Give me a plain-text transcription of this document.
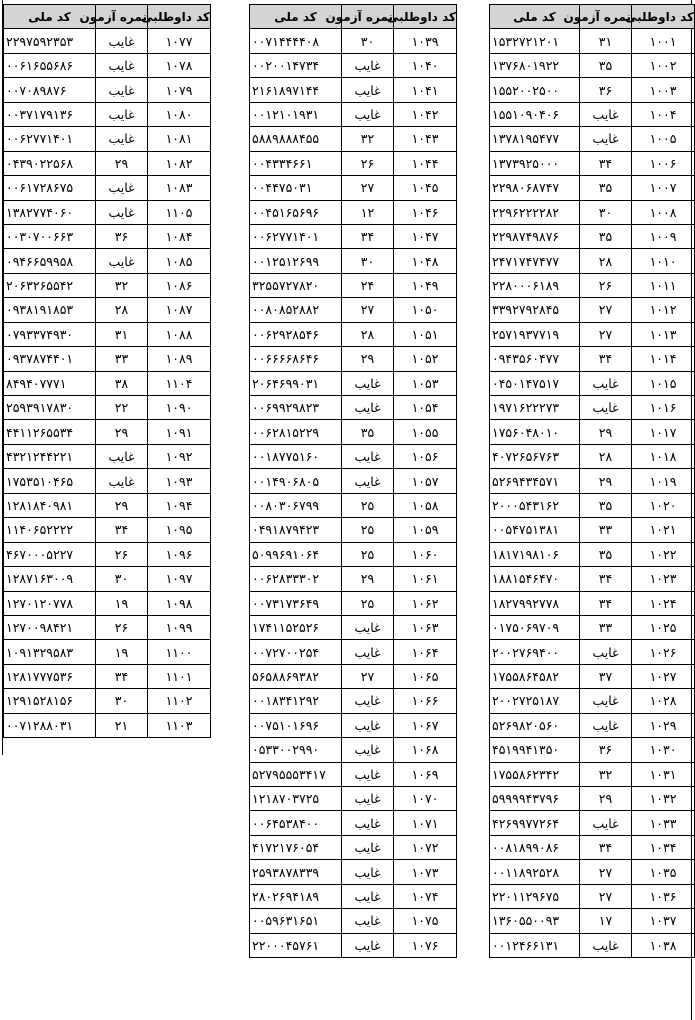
کد داوطلبی	نمره آزمون	کد ملی
۱۰۰۱	۳۱	۱۵۳۲۷۲۱۲۰۱
۱۰۰۲	۳۵	۱۳۷۶۸۰۱۹۲۲
۱۰۰۳	۳۶	۱۵۵۲۰۰۲۵۰۰
۱۰۰۴	غایب	۱۵۵۱۰۹۰۴۰۶
۱۰۰۵	غایب	۱۳۷۸۱۹۵۴۷۷
۱۰۰۶	۳۴	۱۳۷۳۹۲۵۰۰۰
۱۰۰۷	۳۵	۲۲۹۸۰۶۸۷۴۷
۱۰۰۸	۳۰	۲۲۹۶۲۲۲۲۸۲
۱۰۰۹	۳۵	۲۲۹۸۷۴۹۸۷۶
۱۰۱۰	۲۸	۲۴۷۱۷۴۷۴۷۷
۱۰۱۱	۲۶	۲۲۸۰۰۰۶۱۸۹
۱۰۱۲	۲۷	۳۳۹۲۷۹۲۸۴۵
۱۰۱۳	۲۷	۲۵۷۱۹۳۷۷۱۹
۱۰۱۴	۳۴	۰۹۴۳۵۶۰۴۷۷
۱۰۱۵	غایب	۰۴۵۰۱۴۷۵۱۷
۱۰۱۶	غایب	۱۹۷۱۶۲۲۲۷۳
۱۰۱۷	۲۹	۱۷۵۶۰۴۸۰۱۰
۱۰۱۸	۲۸	۴۰۷۲۶۵۶۷۶۳
۱۰۱۹	۲۹	۵۲۶۹۴۳۴۵۷۱
۱۰۲۰	۳۵	۲۰۰۰۵۴۳۱۶۲
۱۰۲۱	۳۳	۰۰۵۴۷۵۱۳۸۱
۱۰۲۲	۳۵	۱۸۱۷۱۹۸۱۰۶
۱۰۲۳	۳۴	۱۸۸۱۵۴۶۴۷۰
۱۰۲۴	۳۴	۱۸۲۷۹۹۲۷۷۸
۱۰۲۵	۳۳	۰۱۷۵۰۶۹۷۰۹
۱۰۲۶	غایب	۲۰۰۲۷۶۹۴۰۰
۱۰۲۷	۳۷	۱۷۵۵۸۶۴۵۸۲
۱۰۲۸	غایب	۲۰۰۲۷۲۵۱۸۷
۱۰۲۹	غایب	۵۲۶۹۸۲۰۵۶۰
۱۰۳۰	۳۶	۴۵۱۹۹۴۱۳۵۰
۱۰۳۱	۳۲	۱۷۵۵۸۶۲۳۴۲
۱۰۳۲	۲۹	۵۹۹۹۹۴۳۷۹۶
۱۰۳۳	غایب	۴۲۶۹۹۷۷۲۶۴
۱۰۳۴	۳۴	۰۰۸۱۸۹۹۰۸۶
۱۰۳۵	۲۷	۰۰۱۱۸۹۲۵۲۸
۱۰۳۶	۲۷	۲۲۰۱۱۲۹۶۷۵
۱۰۳۷	۱۷	۱۳۶۰۵۵۰۰۹۳
۱۰۳۸	غایب	۰۰۱۲۴۶۶۱۳۱
کد داوطلبی	نمره آزمون	کد ملی
۱۰۳۹	۳۰	۰۰۷۱۴۴۴۴۰۸
۱۰۴۰	غایب	۰۰۲۰۰۱۴۷۳۴
۱۰۴۱	غایب	۲۱۶۱۸۹۷۱۴۴
۱۰۴۲	غایب	۰۰۱۲۱۰۱۹۳۱
۱۰۴۳	۳۲	۵۸۸۹۸۸۸۴۵۵
۱۰۴۴	۲۶	۰۰۴۳۳۴۶۶۱
۱۰۴۵	۲۷	۰۰۴۴۷۵۰۳۱
۱۰۴۶	۱۲	۰۰۴۵۱۶۵۶۹۶
۱۰۴۷	۳۴	۰۰۶۲۷۷۱۴۰۱
۱۰۴۸	۳۰	۰۰۱۲۵۱۲۶۹۹
۱۰۴۹	۲۴	۳۲۵۵۷۲۷۸۲۰
۱۰۵۰	۲۷	۰۰۸۰۸۵۲۸۸۲
۱۰۵۱	۲۸	۰۰۶۲۹۲۸۵۴۶
۱۰۵۲	۲۹	۰۰۶۶۶۶۸۶۴۶
۱۰۵۳	غایب	۲۰۶۴۶۹۹۰۳۱
۱۰۵۴	غایب	۰۰۶۹۹۲۹۸۲۳
۱۰۵۵	۳۵	۰۰۶۲۸۱۵۲۲۹
۱۰۵۶	غایب	۰۰۱۸۷۷۵۱۶۰
۱۰۵۷	غایب	۰۰۱۴۹۰۶۸۰۵
۱۰۵۸	۲۵	۰۰۸۰۳۰۶۷۹۹
۱۰۵۹	۲۵	۰۴۹۱۸۷۹۴۲۳
۱۰۶۰	۲۵	۵۰۹۹۶۹۱۰۶۴
۱۰۶۱	۲۹	۰۰۶۲۸۳۳۳۰۲
۱۰۶۲	۲۵	۰۰۷۳۱۷۳۶۴۹
۱۰۶۳	غایب	۱۷۴۱۱۵۲۵۲۶
۱۰۶۴	غایب	۰۰۷۲۷۰۰۲۵۴
۱۰۶۵	۲۷	۵۶۵۸۸۶۹۳۸۲
۱۰۶۶	غایب	۰۰۱۸۳۴۱۲۹۲
۱۰۶۷	غایب	۰۰۷۵۱۰۱۶۹۶
۱۰۶۸	غایب	۰۵۳۳۰۰۲۹۹۰
۱۰۶۹	غایب	۵۲۷۹۵۵۵۳۴۱۷
۱۰۷۰	غایب	۱۲۱۸۷۰۳۷۲۵
۱۰۷۱	غایب	۰۰۶۴۵۳۸۴۰۰
۱۰۷۲	غایب	۴۱۷۲۱۷۶۰۵۴
۱۰۷۳	غایب	۲۵۹۳۸۷۸۳۳۹
۱۰۷۴	غایب	۲۸۰۲۶۹۴۱۸۹
۱۰۷۵	غایب	۰۰۵۹۶۳۱۶۵۱
۱۰۷۶	غایب	۲۲۰۰۰۴۵۷۶۱
کد داوطلبی	نمره آزمون	کد ملی
۱۰۷۷	غایب	۲۲۹۷۵۹۲۳۵۳
۱۰۷۸	غایب	۰۰۶۱۶۵۵۶۸۶
۱۰۷۹	غایب	۰۰۷۰۸۹۸۷۶
۱۰۸۰	غایب	۰۰۳۷۱۷۹۱۳۶
۱۰۸۱	غایب	۰۰۶۲۷۷۱۴۰۱
۱۰۸۲	۲۹	۰۴۳۹۰۲۲۵۶۸
۱۰۸۳	غایب	۰۰۶۱۷۲۸۶۷۵
۱۱۰۵	غایب	۱۳۸۲۷۷۴۰۶۰
۱۰۸۴	۳۶	۰۰۳۰۷۰۰۶۶۳
۱۰۸۵	غایب	۰۹۴۶۶۵۹۹۵۸
۱۰۸۶	۳۲	۲۰۶۳۲۶۵۵۴۲
۱۰۸۷	۲۸	۰۹۳۸۱۹۱۸۵۳
۱۰۸۸	۳۱	۰۷۹۳۳۷۴۹۳۰
۱۰۸۹	۳۳	۰۹۳۷۸۷۴۴۰۱
۱۱۰۴	۳۸	۸۴۹۴۰۷۷۷۱
۱۰۹۰	۲۲	۲۵۹۳۹۱۷۸۳۰
۱۰۹۱	۲۹	۴۴۱۱۲۶۵۵۳۴
۱۰۹۲	غایب	۴۳۲۱۲۴۴۲۲۱
۱۰۹۳	غایب	۱۷۵۳۵۱۰۴۶۵
۱۰۹۴	۲۹	۱۲۸۱۸۴۰۹۸۱
۱۰۹۵	۳۴	۱۱۴۰۶۵۲۲۲۲
۱۰۹۶	۲۶	۴۶۷۰۰۰۵۲۲۷
۱۰۹۷	۳۰	۱۲۸۷۱۶۳۰۰۹
۱۰۹۸	۱۹	۱۲۷۰۱۲۰۷۷۸
۱۰۹۹	۲۶	۱۲۷۰۰۹۸۴۲۱
۱۱۰۰	۱۹	۱۰۹۱۳۲۹۵۸۳
۱۱۰۱	۳۴	۱۲۸۱۷۷۷۵۳۶
۱۱۰۲	۳۰	۱۲۹۱۵۲۸۱۵۶
۱۱۰۳	۲۱	۰۰۷۱۲۸۸۰۳۱
